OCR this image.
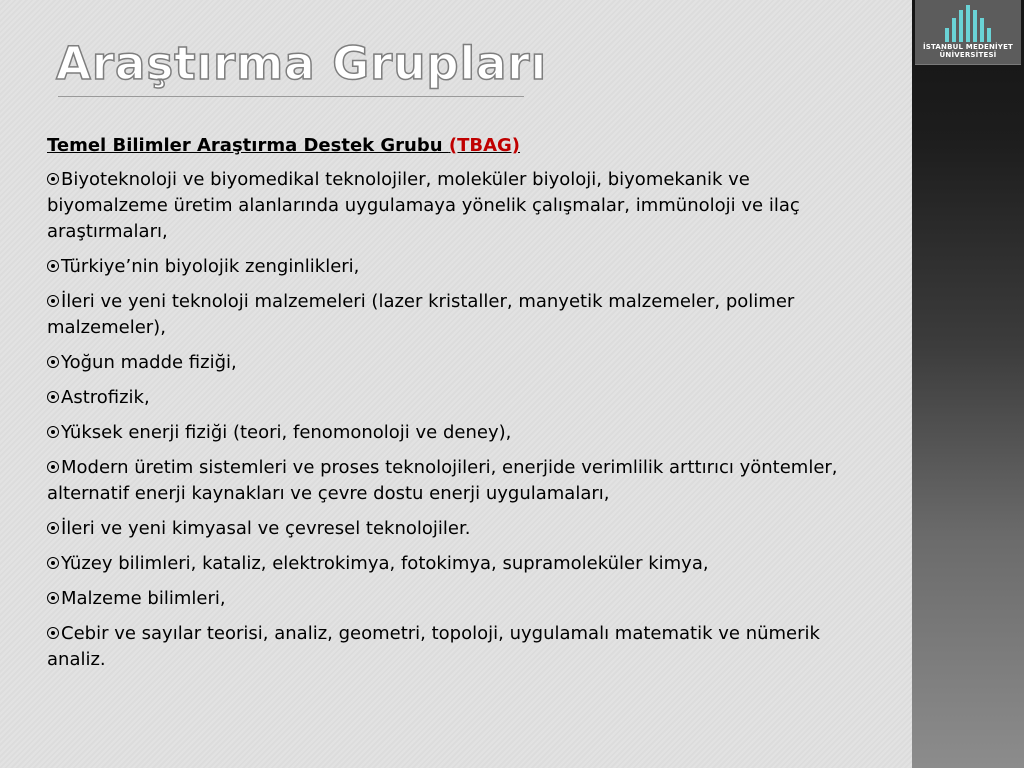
Araştırma Grupları

Temel Bilimler Araştırma Destek Grubu (TBAG)

Biyoteknoloji ve biyomedikal teknolojiler, moleküler biyoloji, biyomekanik ve biyomalzeme üretim alanlarında uygulamaya yönelik çalışmalar, immünoloji ve ilaç araştırmaları,

Türkiye’nin biyolojik zenginlikleri,

İleri ve yeni teknoloji malzemeleri (lazer kristaller, manyetik malzemeler, polimer malzemeler),

Yoğun madde fiziği,

Astrofizik,

Yüksek enerji fiziği (teori, fenomonoloji ve deney),

Modern üretim sistemleri ve proses teknolojileri, enerjide verimlilik arttırıcı yöntemler, alternatif enerji kaynakları ve çevre dostu enerji uygulamaları,

İleri ve yeni kimyasal ve çevresel teknolojiler.

Yüzey bilimleri, kataliz, elektrokimya, fotokimya, supramoleküler kimya,

Malzeme bilimleri,

Cebir ve sayılar teorisi, analiz, geometri, topoloji, uygulamalı matematik ve nümerik analiz.

İSTANBUL MEDENİYET
ÜNİVERSİTESİ
